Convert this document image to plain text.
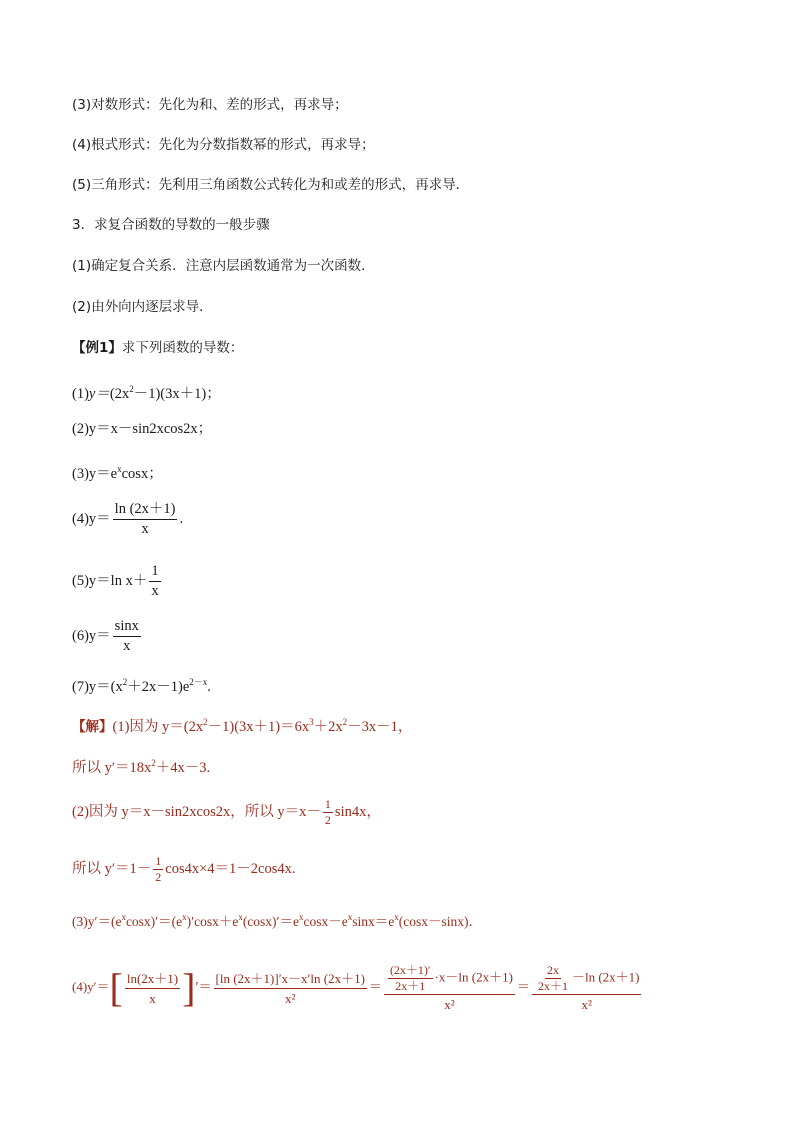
(3)对数形式：先化为和、差的形式，再求导；
(4)根式形式：先化为分数指数幂的形式，再求导；
(5)三角形式：先利用三角函数公式转化为和或差的形式，再求导．
3．求复合函数的导数的一般步骤
(1)确定复合关系．注意内层函数通常为一次函数．
(2)由外向内逐层求导．
【例1】求下列函数的导数：
$(1)y=(2x^2-1)(3x+1)$；
(2)y＝x－sin2xcos2x；
$(3)y=e^x\cos x$；
$(4)y= \frac{\ln (2x+1)}{x}$ .
(5)y＝ln $x+ \frac{1}{x}$
$(6)y= \frac{\sin x}{x}$
$(7)y=(x^2+2x-1)e^{2-x}$.
【解】(1)因为 $y=(2x^2-1)(3x+1)=6x^3+2x^2-3x-1$，
所以 $y'=18x^2+4x-3$.
(2)因为 y＝x－sin2xcos2x，所以 $y=x- \frac{1}{2} \sin 4x$，
所以 $y'=1- \frac{1}{2} \cos 4x\times 4=1-2\cos 4x$.
$(3)y'=(e^x\cos x)'=(e^x)'\cos x+e^x(\cos x)'=e^x\cos x-e^x\sin x=e^x(\cos x-\sin x)$．
(4)y′＝ [ $\frac{\ln(2x+1)}{x}$ ] ′ ＝ $\frac{[\ln (2x+1)]'x-x'\ln (2x+1)}{\text{x²}} = \frac{\frac{(2x+1)'}{2x+1} \cdot x-\ln (2x+1)}{\text{x²}} = \frac{\frac{2x}{2x+1} -\ln (2x+1)}{\text{x²}}$
